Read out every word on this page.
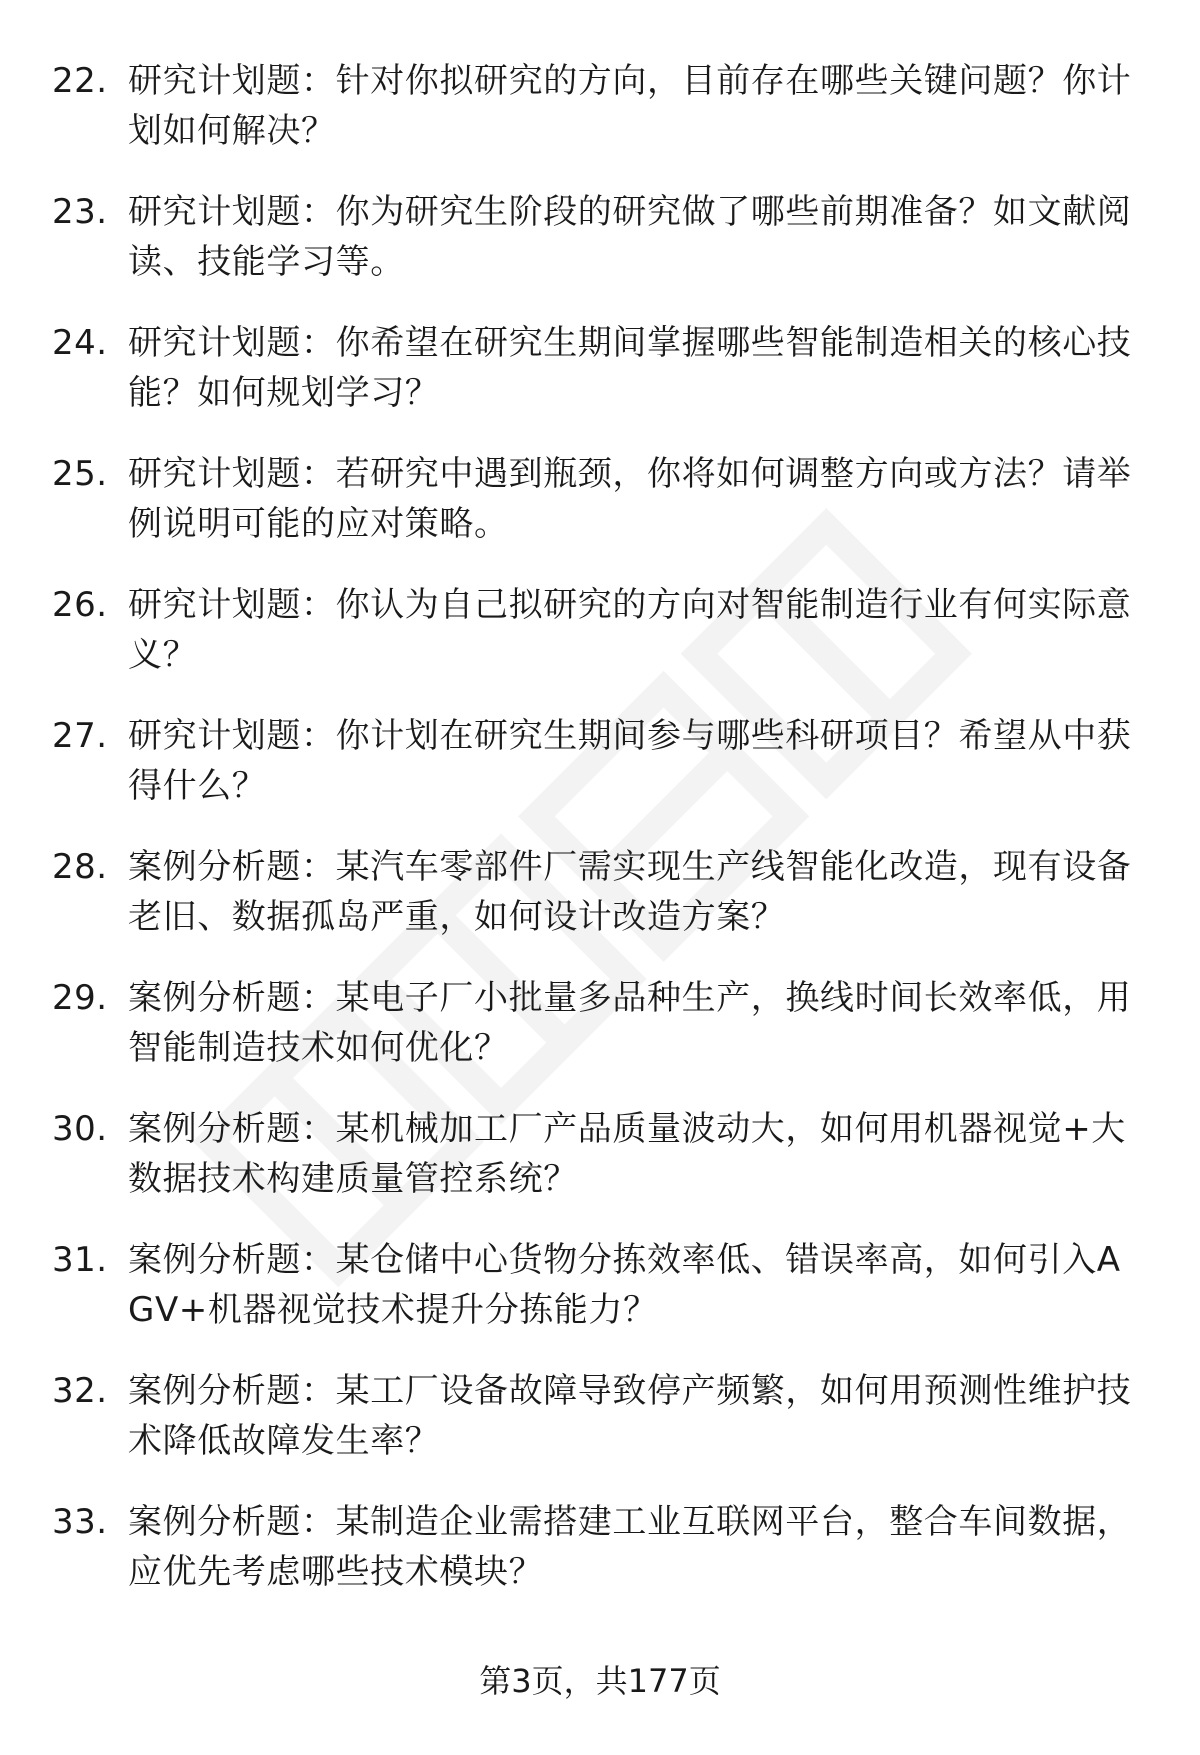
22. 研究计划题：针对你拟研究的方向，目前存在哪些关键问题？你计划如何解决？
23. 研究计划题：你为研究生阶段的研究做了哪些前期准备？如文献阅读、技能学习等。
24. 研究计划题：你希望在研究生期间掌握哪些智能制造相关的核心技能？如何规划学习？
25. 研究计划题：若研究中遇到瓶颈，你将如何调整方向或方法？请举例说明可能的应对策略。
26. 研究计划题：你认为自己拟研究的方向对智能制造行业有何实际意义？
27. 研究计划题：你计划在研究生期间参与哪些科研项目？希望从中获得什么？
28. 案例分析题：某汽车零部件厂需实现生产线智能化改造，现有设备老旧、数据孤岛严重，如何设计改造方案？
29. 案例分析题：某电子厂小批量多品种生产，换线时间长效率低，用智能制造技术如何优化？
30. 案例分析题：某机械加工厂产品质量波动大，如何用机器视觉+大数据技术构建质量管控系统？
31. 案例分析题：某仓储中心货物分拣效率低、错误率高，如何引入AGV+机器视觉技术提升分拣能力？
32. 案例分析题：某工厂设备故障导致停产频繁，如何用预测性维护技术降低故障发生率？
33. 案例分析题：某制造企业需搭建工业互联网平台，整合车间数据，应优先考虑哪些技术模块？
第3页，共177页
